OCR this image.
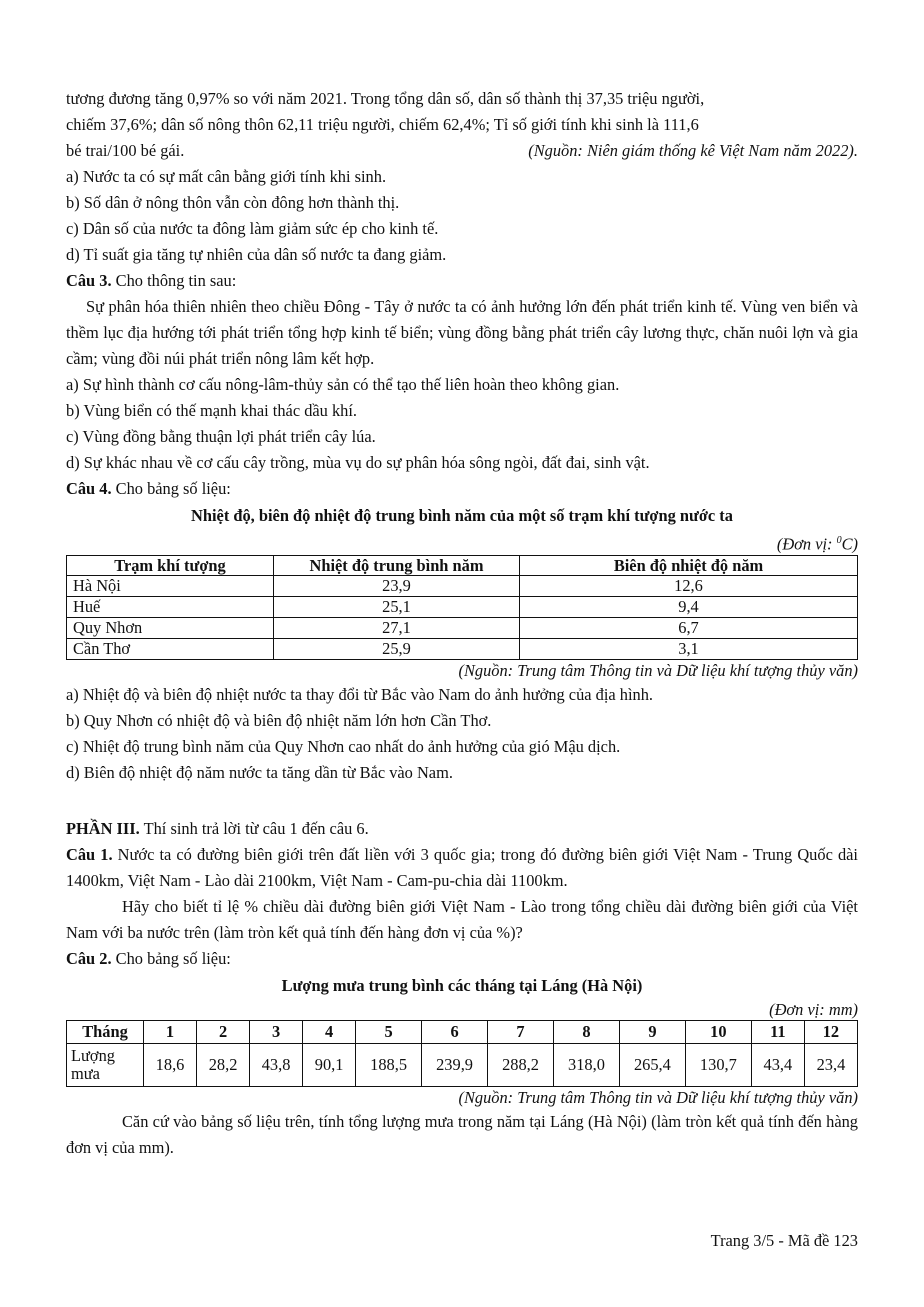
tương đương tăng 0,97% so với năm 2021. Trong tổng dân số, dân số thành thị 37,35 triệu người,

chiếm 37,6%; dân số nông thôn 62,11 triệu người, chiếm 62,4%; Tỉ số giới tính khi sinh là 111,6

bé trai/100 bé gái.	(Nguồn: Niên giám thống kê Việt Nam năm 2022).

a) Nước ta có sự mất cân bằng giới tính khi sinh.

b) Số dân ở nông thôn vẫn còn đông hơn thành thị.

c) Dân số của nước ta đông làm giảm sức ép cho kinh tế.

d) Tỉ suất gia tăng tự nhiên của dân số nước ta đang giảm.

Câu 3. Cho thông tin sau:

Sự phân hóa thiên nhiên theo chiều Đông - Tây ở nước ta có ảnh hưởng lớn đến phát triển kinh tế. Vùng ven biển và thềm lục địa hướng tới phát triển tổng hợp kinh tế biển; vùng đồng bằng phát triển cây lương thực, chăn nuôi lợn và gia cầm; vùng đồi núi phát triển nông lâm kết hợp.

a) Sự hình thành cơ cấu nông-lâm-thủy sản có thể tạo thế liên hoàn theo không gian.

b) Vùng biển có thế mạnh khai thác dầu khí.

c) Vùng đồng bằng thuận lợi phát triển cây lúa.

d) Sự khác nhau về cơ cấu cây trồng, mùa vụ do sự phân hóa sông ngòi, đất đai, sinh vật.

Câu 4. Cho bảng số liệu:

Nhiệt độ, biên độ nhiệt độ trung bình năm của một số trạm khí tượng nước ta

(Đơn vị: $^0$C)

Trạm khí tượng	Nhiệt độ trung bình năm	Biên độ nhiệt độ năm
Hà Nội	23,9	12,6
Huế	25,1	9,4
Quy Nhơn	27,1	6,7
Cần Thơ	25,9	3,1

(Nguồn: Trung tâm Thông tin và Dữ liệu khí tượng thủy văn)

a) Nhiệt độ và biên độ nhiệt nước ta thay đổi từ Bắc vào Nam do ảnh hưởng của địa hình.

b) Quy Nhơn có nhiệt độ và biên độ nhiệt năm lớn hơn Cần Thơ.

c) Nhiệt độ trung bình năm của Quy Nhơn cao nhất do ảnh hưởng của gió Mậu dịch.

d) Biên độ nhiệt độ năm nước ta tăng dần từ Bắc vào Nam.

PHẦN III. Thí sinh trả lời từ câu 1 đến câu 6.

Câu 1. Nước ta có đường biên giới trên đất liền với 3 quốc gia; trong đó đường biên giới Việt Nam - Trung Quốc dài 1400km, Việt Nam - Lào dài 2100km, Việt Nam - Cam-pu-chia dài 1100km.

Hãy cho biết tỉ lệ % chiều dài đường biên giới Việt Nam - Lào trong tổng chiều dài đường biên giới của Việt Nam với ba nước trên (làm tròn kết quả tính đến hàng đơn vị của %)?

Câu 2. Cho bảng số liệu:

Lượng mưa trung bình các tháng tại Láng (Hà Nội)

(Đơn vị: mm)

Tháng	1	2	3	4	5	6	7	8	9	10	11	12
Lượng mưa	18,6	28,2	43,8	90,1	188,5	239,9	288,2	318,0	265,4	130,7	43,4	23,4

(Nguồn: Trung tâm Thông tin và Dữ liệu khí tượng thủy văn)

Căn cứ vào bảng số liệu trên, tính tổng lượng mưa trong năm tại Láng (Hà Nội) (làm tròn kết quả tính đến hàng đơn vị của mm).

Trang 3/5 - Mã đề 123
